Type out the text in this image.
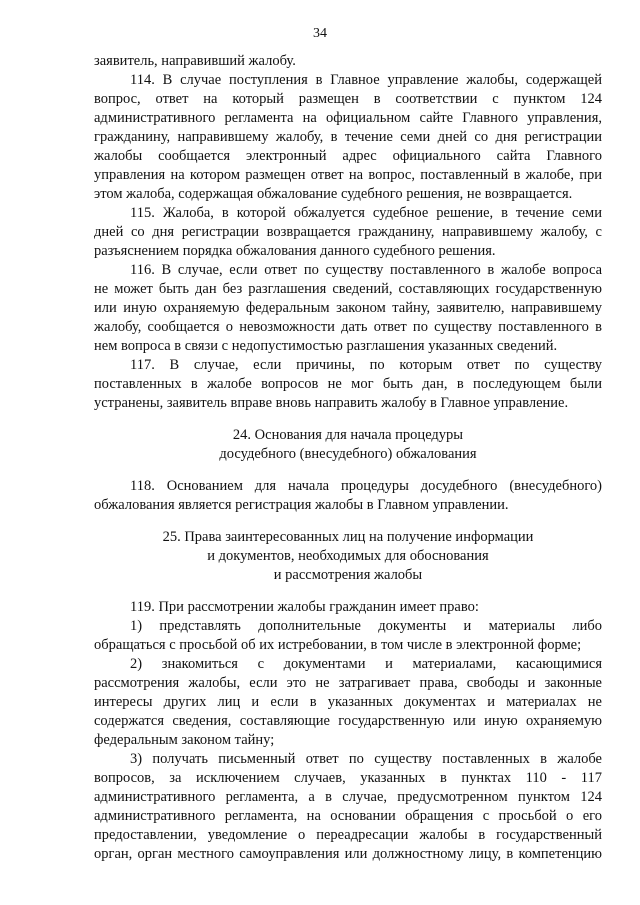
34
заявитель, направивший жалобу.
114. В случае поступления в Главное управление жалобы, содержащей
вопрос, ответ на который размещен в соответствии с пунктом 124
административного регламента на официальном сайте Главного управления,
гражданину, направившему жалобу, в течение семи дней со дня регистрации
жалобы сообщается электронный адрес официального сайта Главного
управления на котором размещен ответ на вопрос, поставленный в жалобе, при
этом жалоба, содержащая обжалование судебного решения, не возвращается.
115. Жалоба, в которой обжалуется судебное решение, в течение семи
дней со дня регистрации возвращается гражданину, направившему жалобу, с
разъяснением порядка обжалования данного судебного решения.
116. В случае, если ответ по существу поставленного в жалобе вопроса
не может быть дан без разглашения сведений, составляющих государственную
или иную охраняемую федеральным законом тайну, заявителю, направившему
жалобу, сообщается о невозможности дать ответ по существу поставленного в
нем вопроса в связи с недопустимостью разглашения указанных сведений.
117. В случае, если причины, по которым ответ по существу
поставленных в жалобе вопросов не мог быть дан, в последующем были
устранены, заявитель вправе вновь направить жалобу в Главное управление.
24. Основания для начала процедуры
досудебного (внесудебного) обжалования
118. Основанием для начала процедуры досудебного (внесудебного)
обжалования является регистрация жалобы в Главном управлении.
25. Права заинтересованных лиц на получение информации
и документов, необходимых для обоснования
и рассмотрения жалобы
119. При рассмотрении жалобы гражданин имеет право:
1) представлять дополнительные документы и материалы либо
обращаться с просьбой об их истребовании, в том числе в электронной форме;
2) знакомиться с документами и материалами, касающимися
рассмотрения жалобы, если это не затрагивает права, свободы и законные
интересы других лиц и если в указанных документах и материалах не
содержатся сведения, составляющие государственную или иную охраняемую
федеральным законом тайну;
3) получать письменный ответ по существу поставленных в жалобе
вопросов, за исключением случаев, указанных в пунктах 110 - 117
административного регламента, а в случае, предусмотренном пунктом 124
административного регламента, на основании обращения с просьбой о его
предоставлении, уведомление о переадресации жалобы в государственный
орган, орган местного самоуправления или должностному лицу, в компетенцию
